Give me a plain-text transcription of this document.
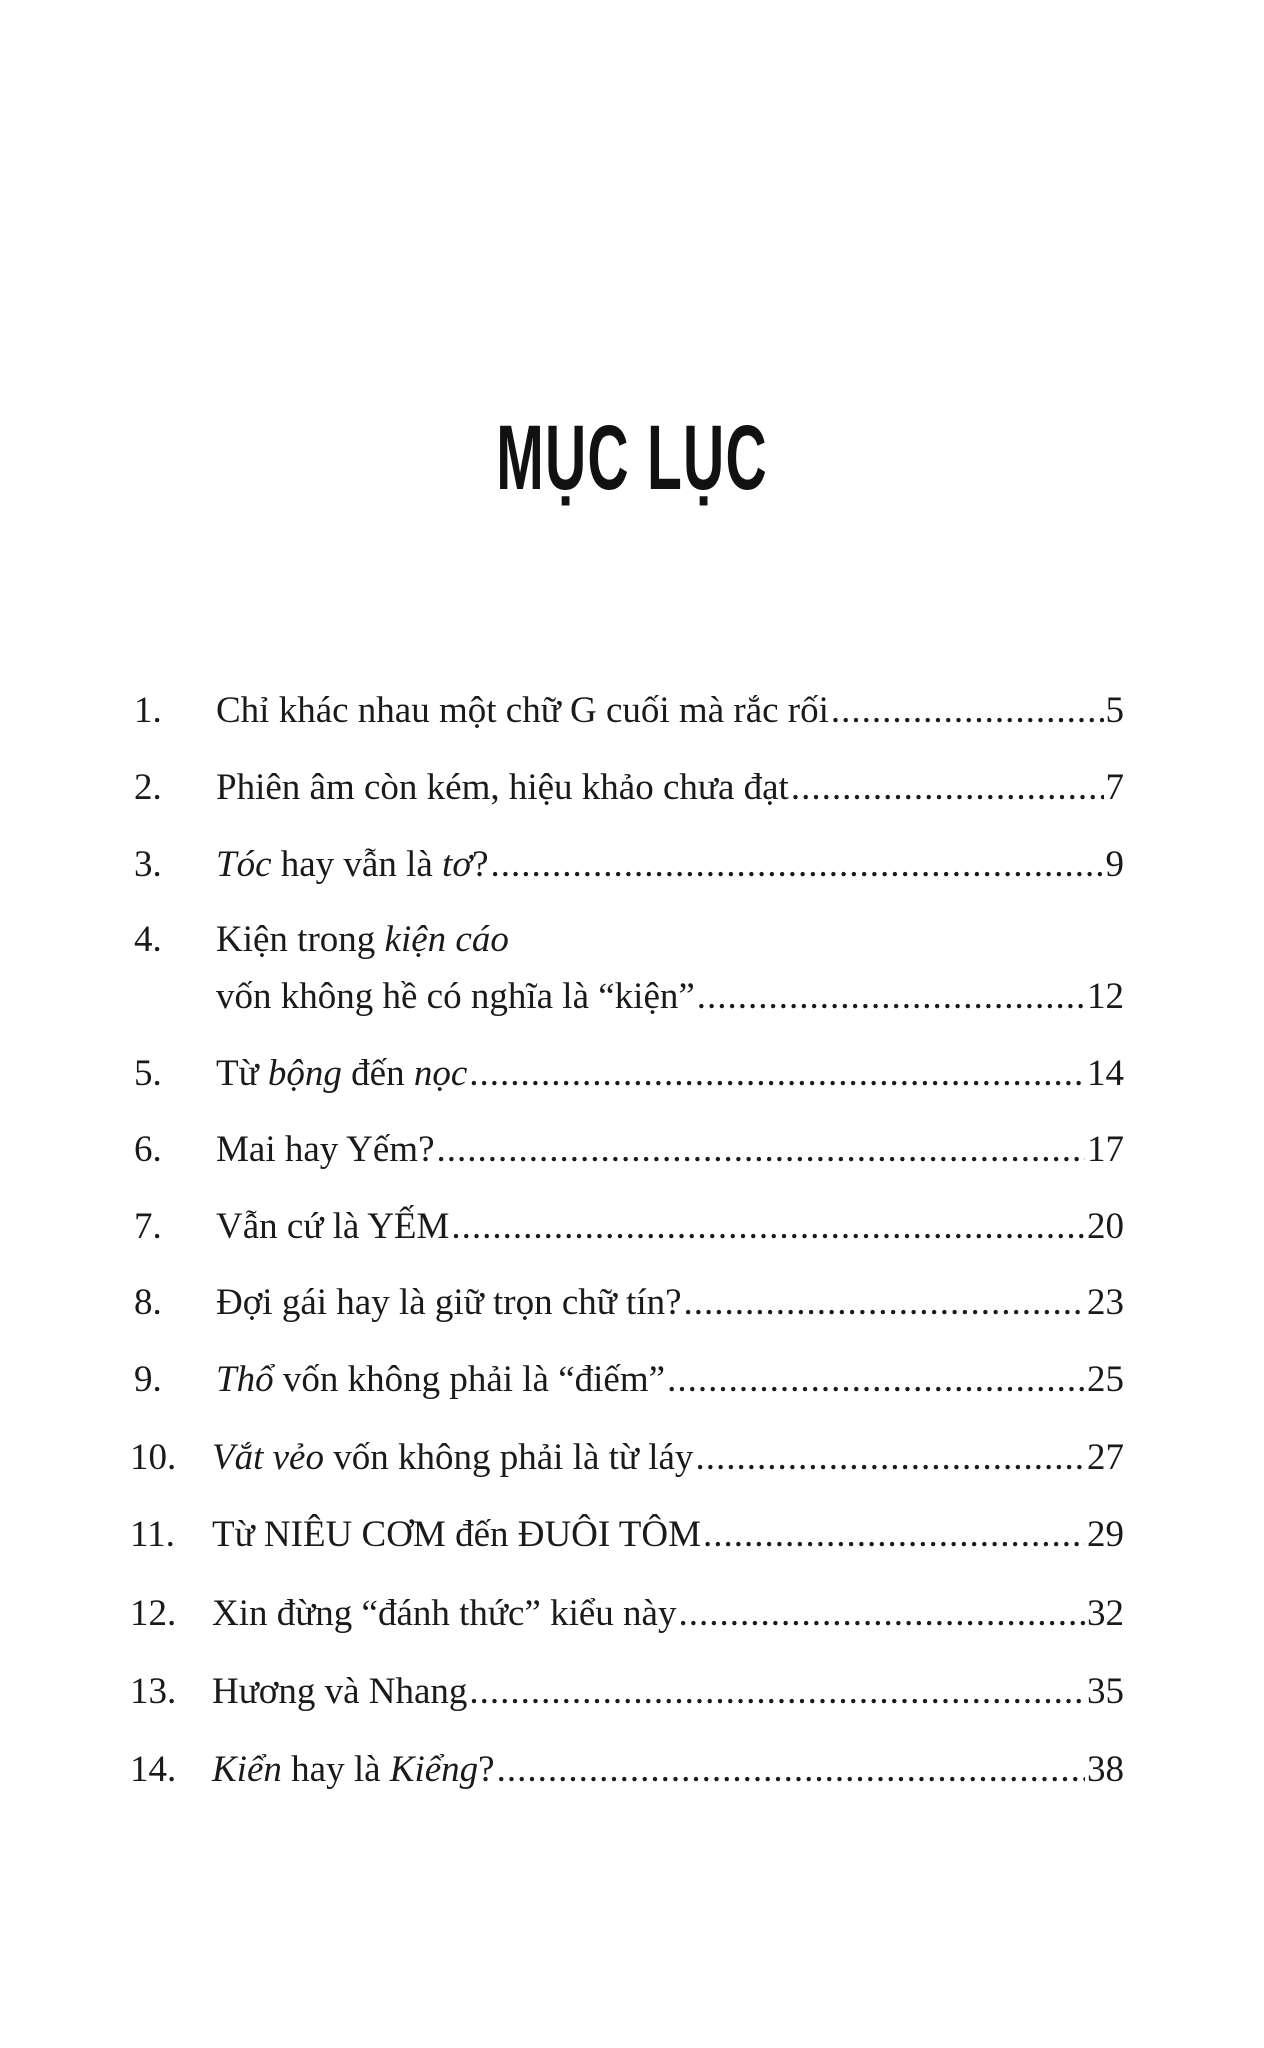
MỤC LỤC
1.	Chỉ khác nhau một chữ G cuối mà rắc rối .....	5
2.	Phiên âm còn kém, hiệu khảo chưa đạt .....	7
3.	Tóc hay vẫn là tơ? .....	9
4.	Kiện trong kiện cáo
vốn không hề có nghĩa là “kiện” .....	12
5.	Từ bộng đến nọc .....	14
6.	Mai hay Yếm? .....	17
7.	Vẫn cứ là YẾM .....	20
8.	Đợi gái hay là giữ trọn chữ tín? .....	23
9.	Thổ vốn không phải là “điếm” .....	25
10. Vắt vẻo vốn không phải là từ láy .....	27
11.	Từ NIÊU CƠM đến ĐUÔI TÔM .....	29
12. Xin đừng “đánh thức” kiểu này .....	32
13. Hương và Nhang .....	35
14. Kiển hay là Kiểng? .....	38
